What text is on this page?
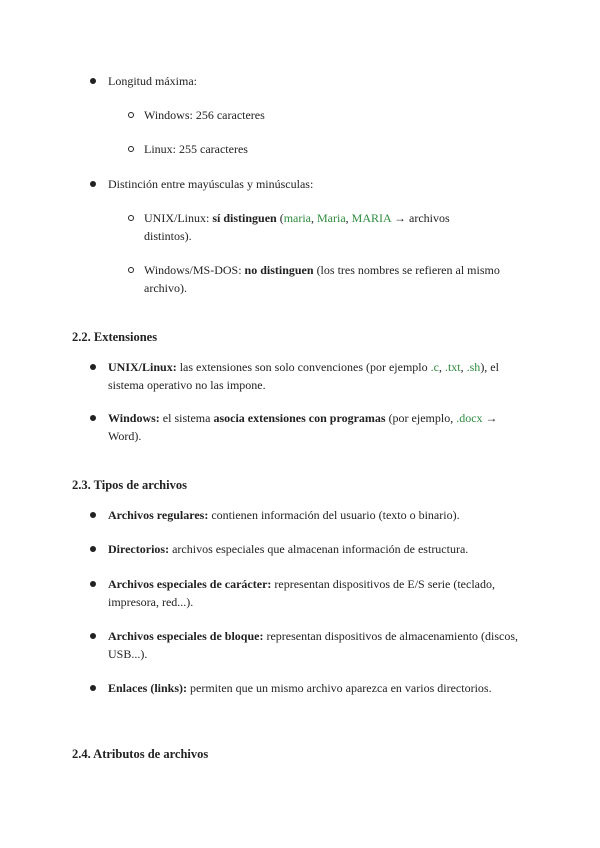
Longitud máxima:
Windows: 256 caracteres
Linux: 255 caracteres
Distinción entre mayúsculas y minúsculas:
UNIX/Linux: sí distinguen (maria, Maria, MARIA → archivos distintos).
Windows/MS-DOS: no distinguen (los tres nombres se refieren al mismo archivo).
2.2. Extensiones
UNIX/Linux: las extensiones son solo convenciones (por ejemplo .c, .txt, .sh), el sistema operativo no las impone.
Windows: el sistema asocia extensiones con programas (por ejemplo, .docx → Word).
2.3. Tipos de archivos
Archivos regulares: contienen información del usuario (texto o binario).
Directorios: archivos especiales que almacenan información de estructura.
Archivos especiales de carácter: representan dispositivos de E/S serie (teclado, impresora, red...).
Archivos especiales de bloque: representan dispositivos de almacenamiento (discos, USB...).
Enlaces (links): permiten que un mismo archivo aparezca en varios directorios.
2.4. Atributos de archivos
